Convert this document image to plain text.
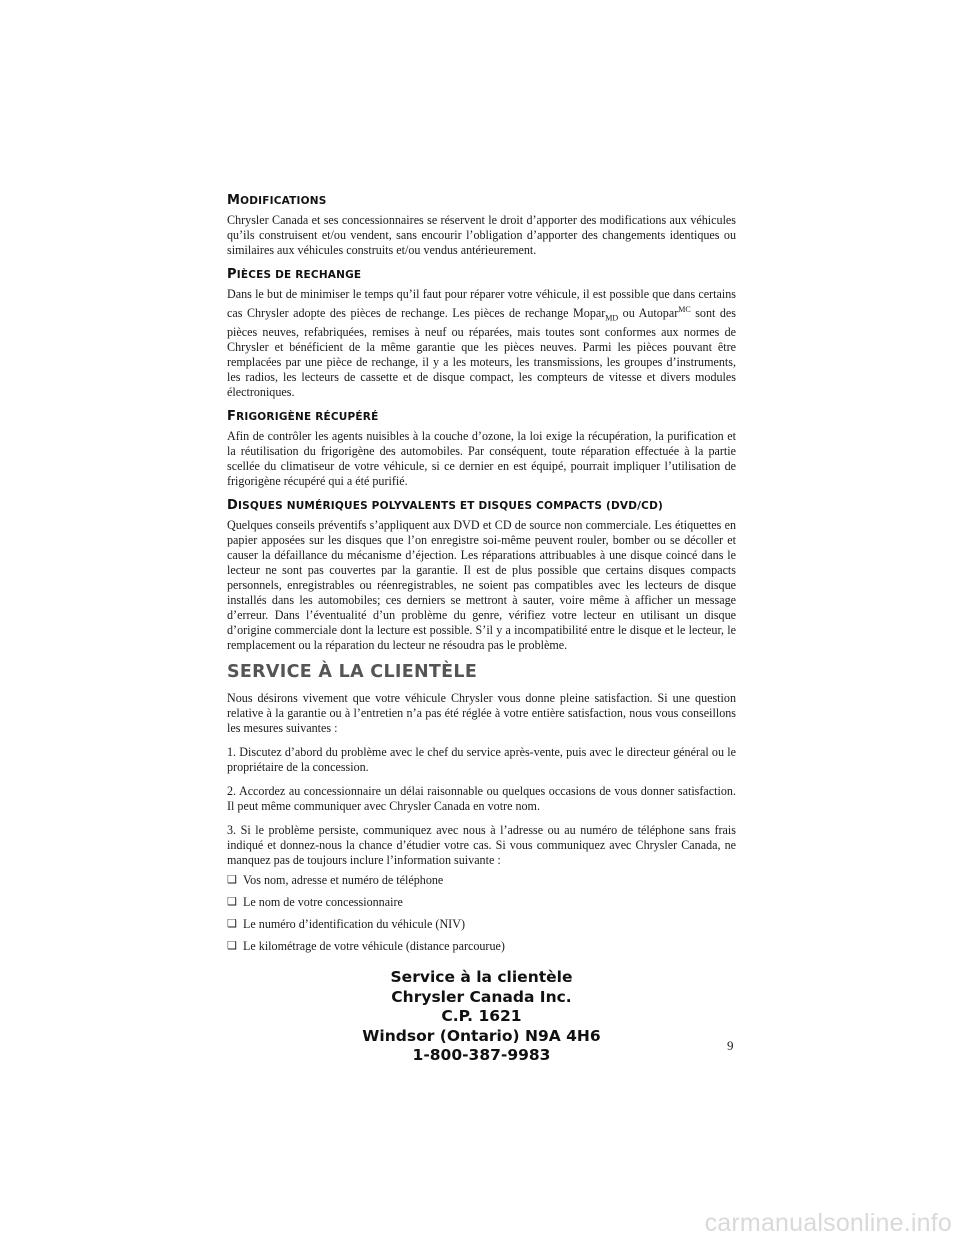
MODIFICATIONS

Chrysler Canada et ses concessionnaires se réservent le droit d’apporter des modifications aux véhicules qu’ils construisent et/ou vendent, sans encourir l’obligation d’apporter des changements identiques ou similaires aux véhicules construits et/ou vendus antérieurement.

PIÈCES DE RECHANGE

Dans le but de minimiser le temps qu’il faut pour réparer votre véhicule, il est possible que dans certains cas Chrysler adopte des pièces de rechange. Les pièces de rechange Mopar$_{MD}$ ou Autopar$^{MC}$ sont des pièces neuves, refabriquées, remises à neuf ou réparées, mais toutes sont conformes aux normes de Chrysler et bénéficient de la même garantie que les pièces neuves. Parmi les pièces pouvant être remplacées par une pièce de rechange, il y a les moteurs, les transmissions, les groupes d’instruments, les radios, les lecteurs de cassette et de disque compact, les compteurs de vitesse et divers modules électroniques.

FRIGORIGÈNE RÉCUPÉRÉ

Afin de contrôler les agents nuisibles à la couche d’ozone, la loi exige la récupération, la purification et la réutilisation du frigorigène des automobiles. Par conséquent, toute réparation effectuée à la partie scellée du climatiseur de votre véhicule, si ce dernier en est équipé, pourrait impliquer l’utilisation de frigorigène récupéré qui a été purifié.

DISQUES NUMÉRIQUES POLYVALENTS ET DISQUES COMPACTS (DVD/CD)

Quelques conseils préventifs s’appliquent aux DVD et CD de source non commerciale. Les étiquettes en papier apposées sur les disques que l’on enregistre soi-même peuvent rouler, bomber ou se décoller et causer la défaillance du mécanisme d’éjection. Les réparations attribuables à une disque coincé dans le lecteur ne sont pas couvertes par la garantie. Il est de plus possible que certains disques compacts personnels, enregistrables ou réenregistrables, ne soient pas compatibles avec les lecteurs de disque installés dans les automobiles; ces derniers se mettront à sauter, voire même à afficher un message d’erreur. Dans l’éventualité d’un problème du genre, vérifiez votre lecteur en utilisant un disque d’origine commerciale dont la lecture est possible. S’il y a incompatibilité entre le disque et le lecteur, le remplacement ou la réparation du lecteur ne résoudra pas le problème.

SERVICE À LA CLIENTÈLE

Nous désirons vivement que votre véhicule Chrysler vous donne pleine satisfaction. Si une question relative à la garantie ou à l’entretien n’a pas été réglée à votre entière satisfaction, nous vous conseillons les mesures suivantes :

1. Discutez d’abord du problème avec le chef du service après-vente, puis avec le directeur général ou le propriétaire de la concession.

2. Accordez au concessionnaire un délai raisonnable ou quelques occasions de vous donner satisfaction. Il peut même communiquer avec Chrysler Canada en votre nom.

3. Si le problème persiste, communiquez avec nous à l’adresse ou au numéro de téléphone sans frais indiqué et donnez-nous la chance d’étudier votre cas. Si vous communiquez avec Chrysler Canada, ne manquez pas de toujours inclure l’information suivante :

❑ Vos nom, adresse et numéro de téléphone
❑ Le nom de votre concessionnaire
❑ Le numéro d’identification du véhicule (NIV)
❑ Le kilométrage de votre véhicule (distance parcourue)
Service à la clientèle
Chrysler Canada Inc.
C.P. 1621
Windsor (Ontario) N9A 4H6
1-800-387-9983
9
carmanualsonline.info
